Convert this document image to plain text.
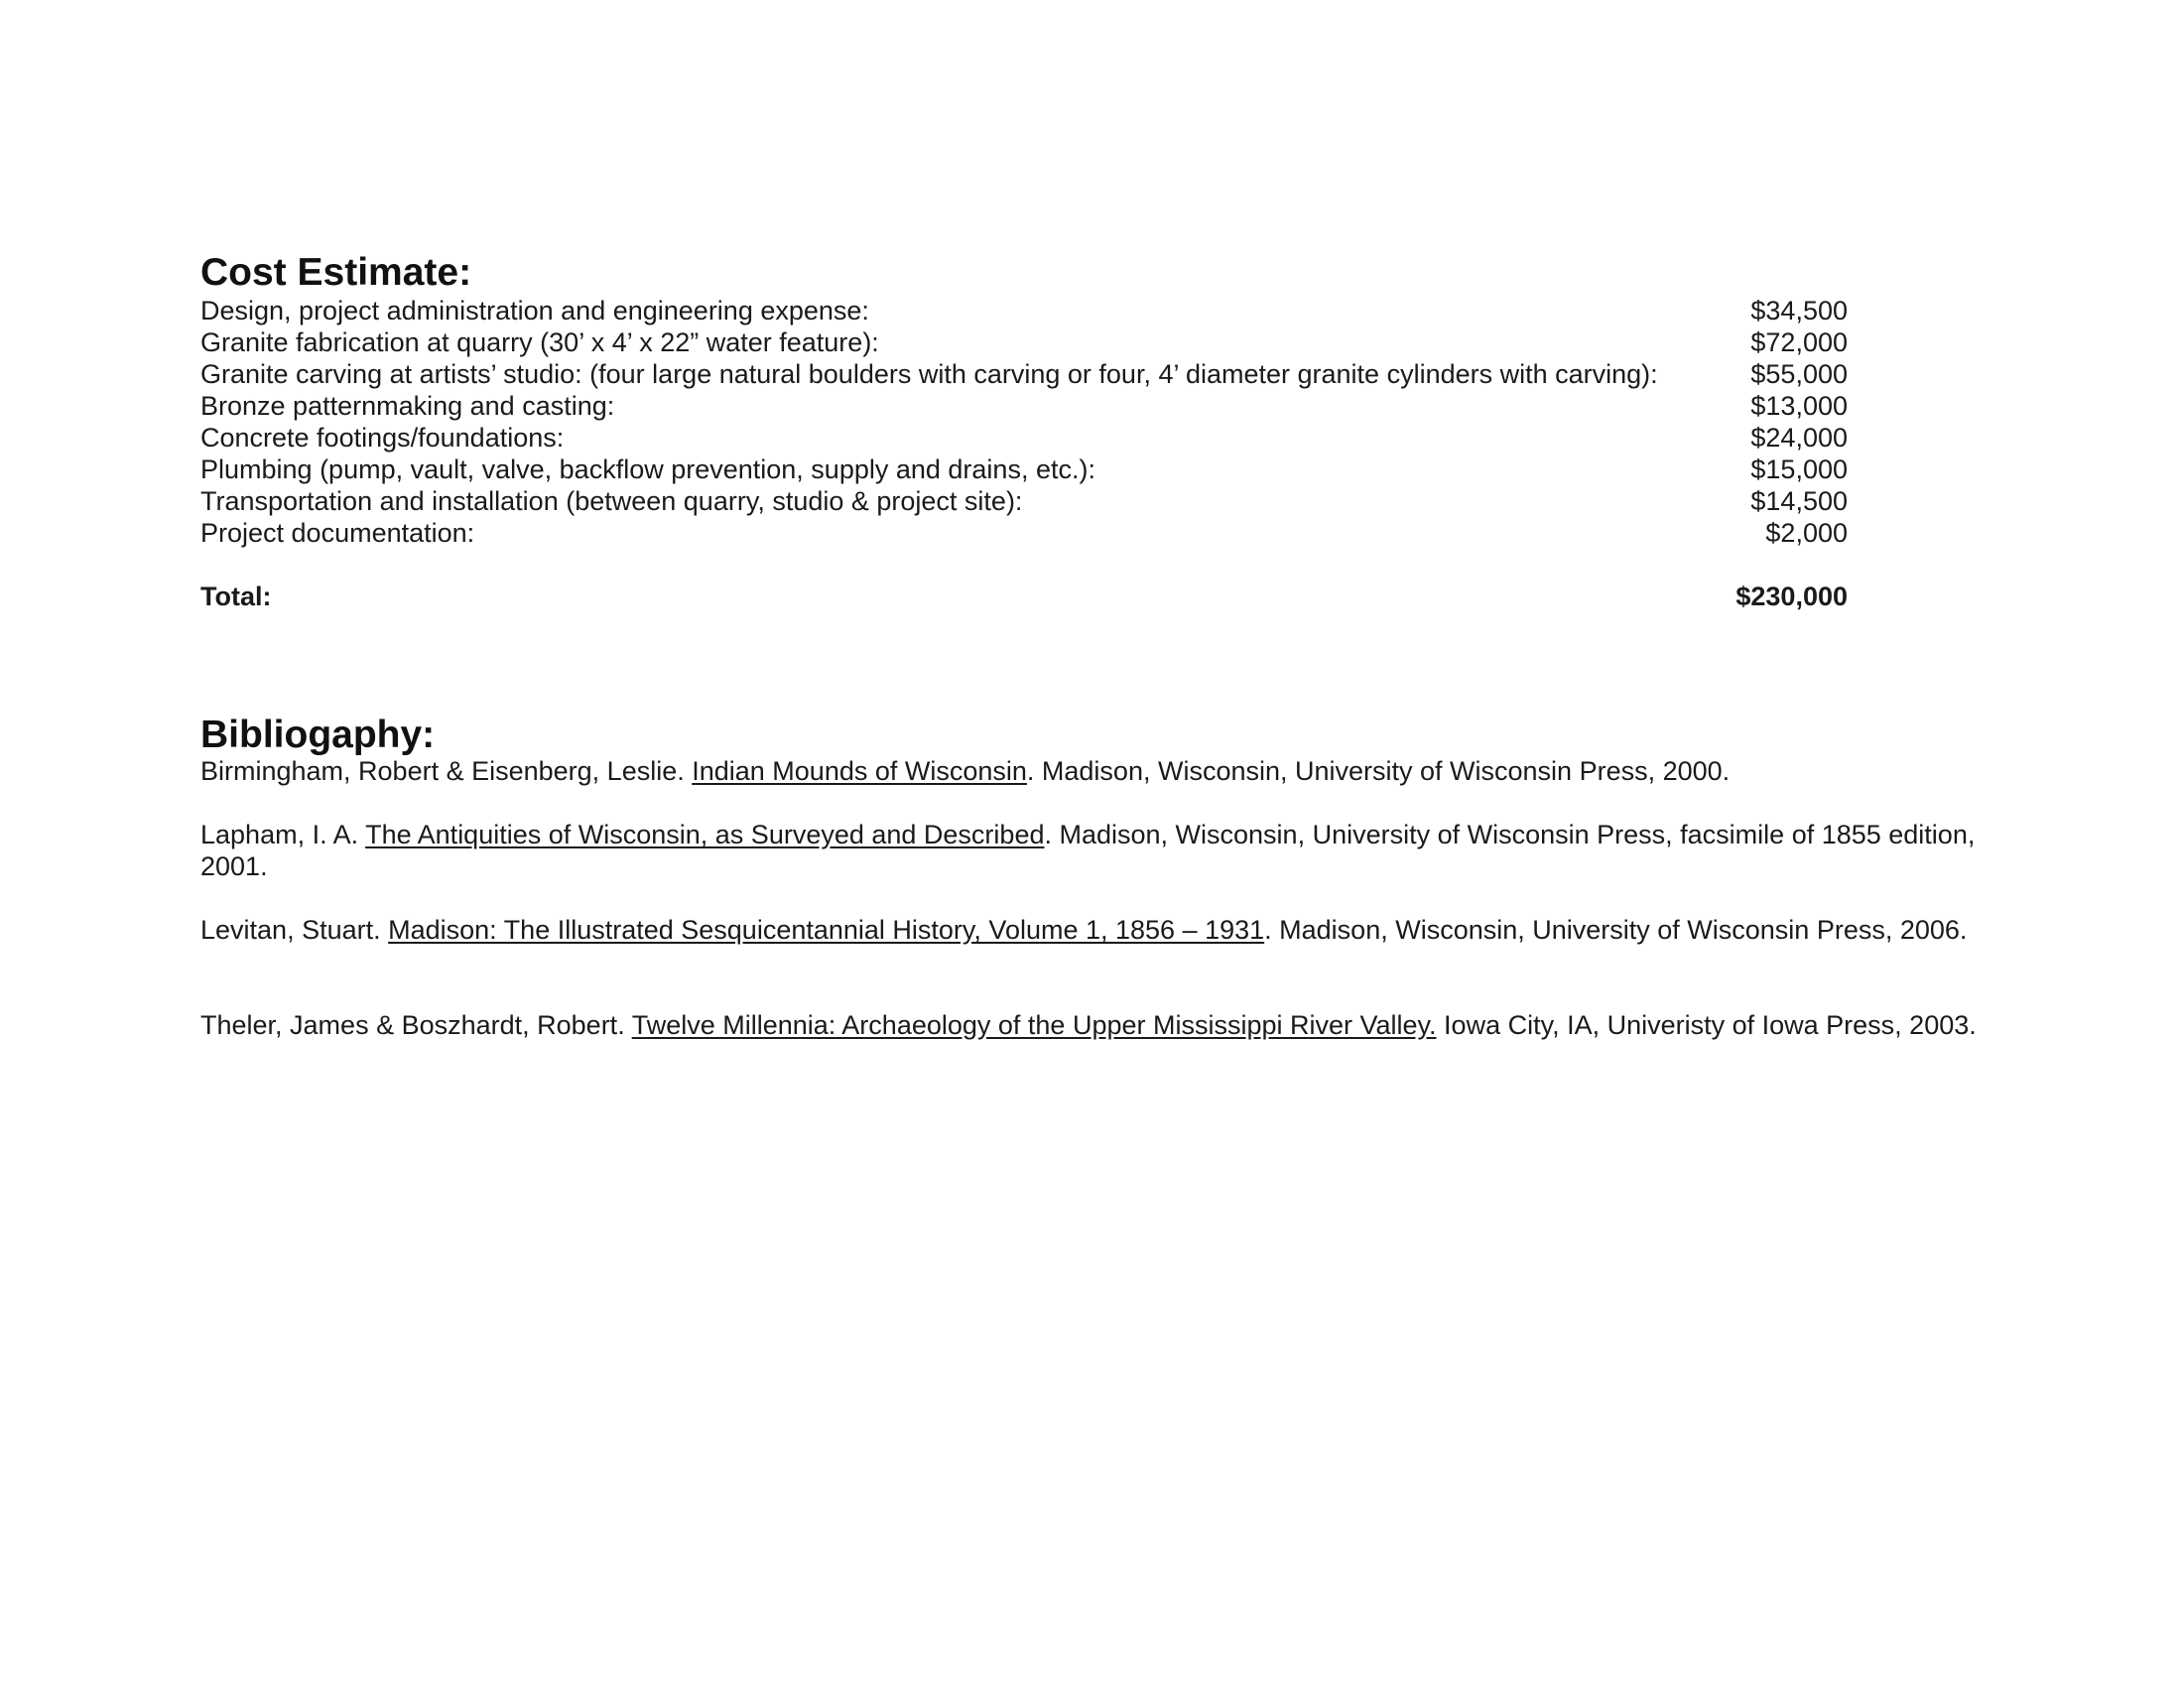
Cost Estimate:
Design, project administration and engineering expense:	$34,500
Granite fabrication at quarry (30’ x 4’ x 22” water feature):	$72,000
Granite carving at artists’ studio: (four large natural boulders with carving or four, 4’ diameter granite cylinders with carving):	$55,000
Bronze patternmaking and casting:	$13,000
Concrete footings/foundations:	$24,000
Plumbing (pump, vault, valve, backflow prevention, supply and drains, etc.):	$15,000
Transportation and installation (between quarry, studio & project site):	$14,500
Project documentation:	$2,000
Total:	$230,000
Bibliogaphy:

Birmingham, Robert & Eisenberg, Leslie. Indian Mounds of Wisconsin. Madison, Wisconsin, University of Wisconsin Press, 2000.

Lapham, I. A. The Antiquities of Wisconsin, as Surveyed and Described. Madison, Wisconsin, University of Wisconsin Press, facsimile of 1855 edition, 2001.

Levitan, Stuart. Madison: The Illustrated Sesquicentannial History, Volume 1, 1856 – 1931. Madison, Wisconsin, University of Wisconsin Press, 2006.

Theler, James & Boszhardt, Robert. Twelve Millennia: Archaeology of the Upper Mississippi River Valley. Iowa City, IA, Univeristy of Iowa Press, 2003.
